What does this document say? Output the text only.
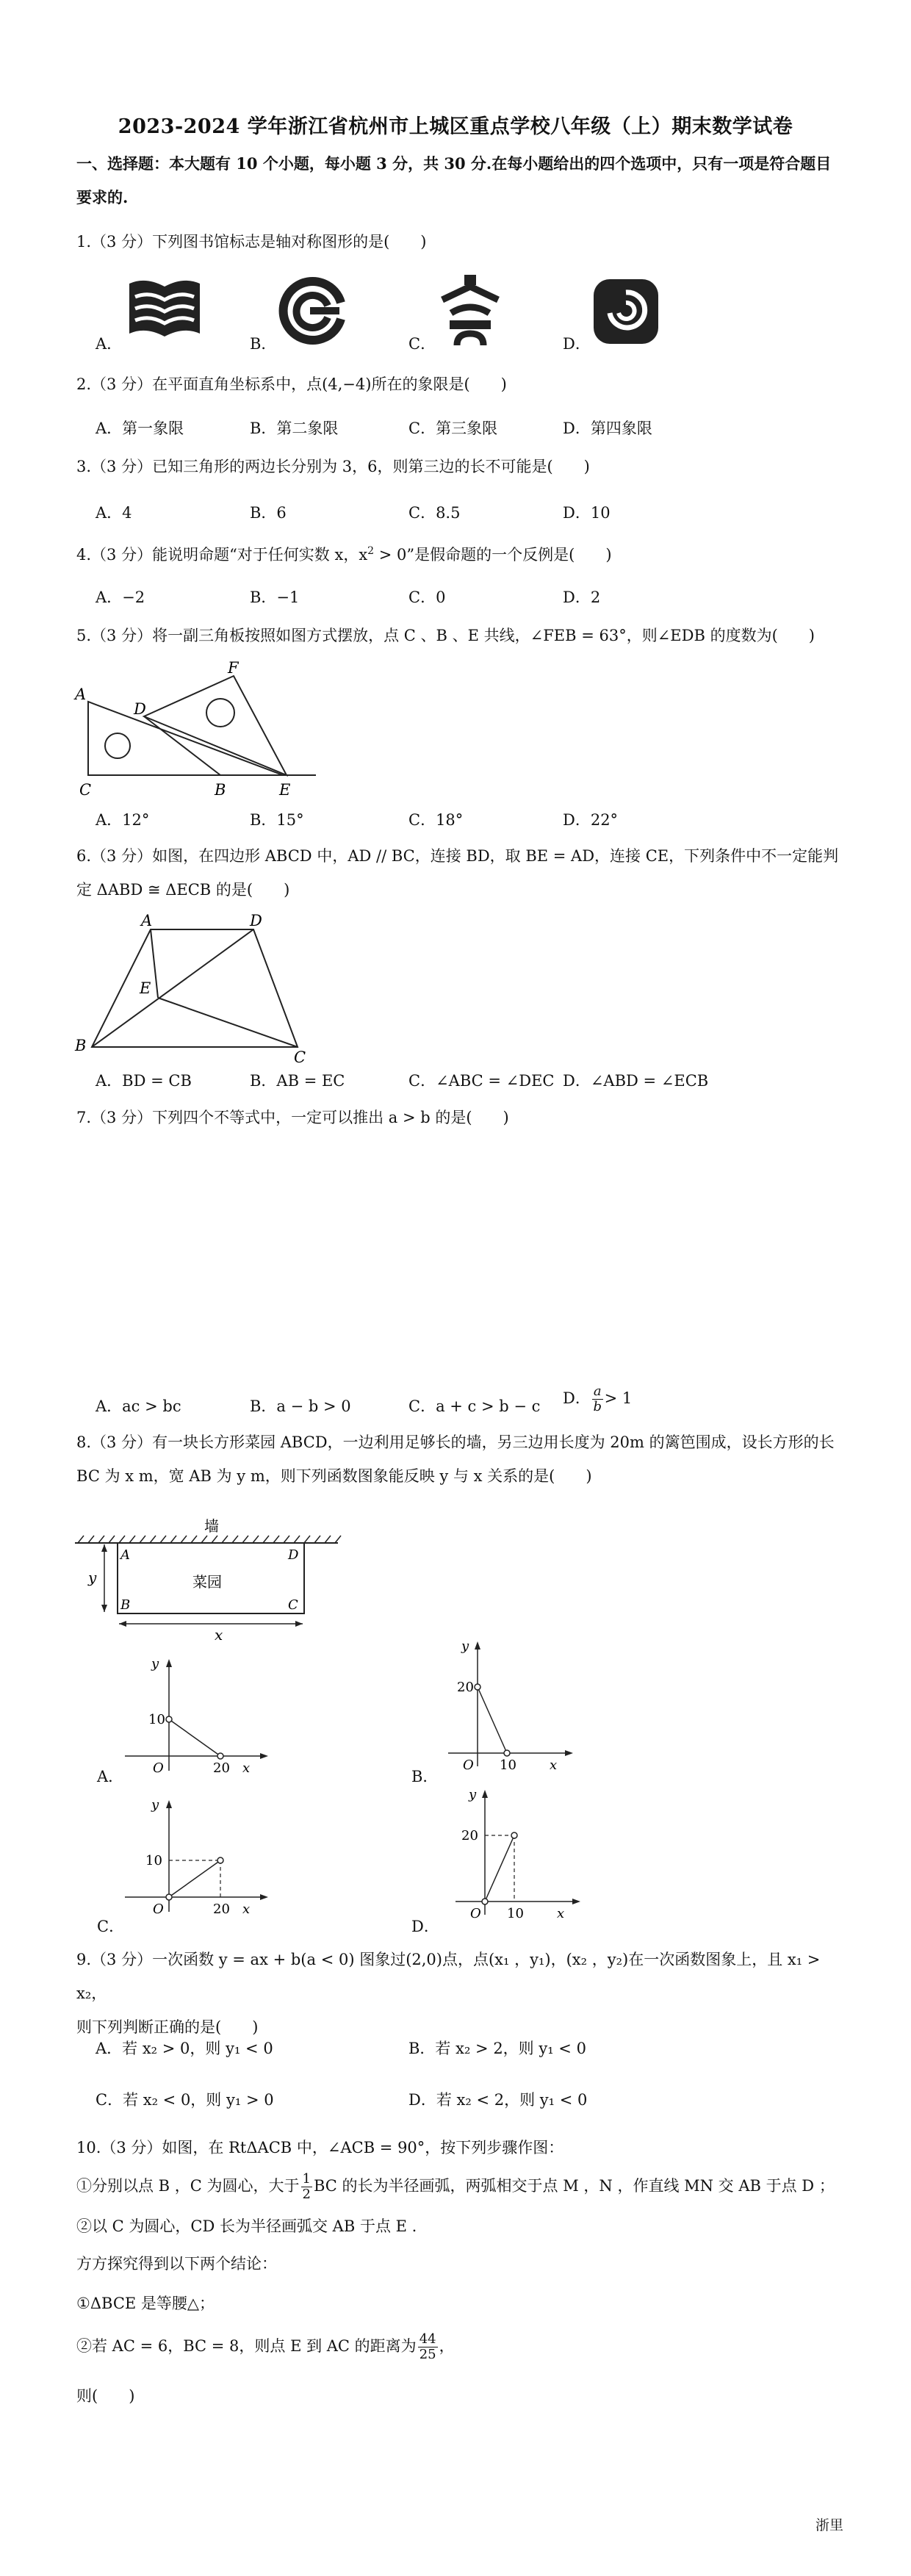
2023-2024 学年浙江省杭州市上城区重点学校八年级（上）期末数学试卷
一、选择题：本大题有 10 个小题，每小题 3 分，共 30 分.在每小题给出的四个选项中，只有一项是符合题目
要求的.
1.（3 分）下列图书馆标志是轴对称图形的是(　　)
A．	B．	C．	D．
2.（3 分）在平面直角坐标系中，点(4,−4)所在的象限是(　　)
A．第一象限	B．第二象限	C．第三象限	D．第四象限
3.（3 分）已知三角形的两边长分别为 3，6，则第三边的长不可能是(　　)
A．4	B．6	C．8.5	D．10
4.（3 分）能说明命题“对于任何实数 x，$x^2 > 0$”是假命题的一个反例是(　　)
A．−2	B．−1	C．0	D．2
5.（3 分）将一副三角板按照如图方式摆放，点 C 、B 、E 共线，∠FEB = 63°，则∠EDB 的度数为(　　)
A
C
D
F
B	E
A．12°	B．15°	C．18°	D．22°
6.（3 分）如图，在四边形 ABCD 中，AD // BC，连接 BD，取 BE = AD，连接 CE，下列条件中不一定能判
定 ΔABD ≅ ΔECB 的是(　　)
A	D
E
B
C
A．BD = CB	B．AB = EC	C．∠ABC = ∠DEC D．∠ABD = ∠ECB
7.（3 分）下列四个不等式中，一定可以推出 a > b 的是(　　)
A．ac > bc	B．a − b > 0	C．a + c > b − c D． $\frac{a}{b} > 1$
8.（3 分）有一块长方形菜园 ABCD，一边利用足够长的墙，另三边用长度为 20m 的篱笆围成，设长方形的长
BC 为 x m，宽 AB 为 y m，则下列函数图象能反映 y 与 x 关系的是(　　)
墙
菜园
A
B	C
D
y
x
10
20
O	x
y
A．
20
10
O	x
y
B．
10
20
O	x
y
C．
20
10
O	x
y
D．
9.（3 分）一次函数 y = ax + b(a < 0) 图象过(2,0)点，点(x₁ ，y₁)，(x₂ ，y₂)在一次函数图象上，且 x₁ > x₂，
则下列判断正确的是(　　)
A．若 x₂ > 0，则 y₁ < 0	B．若 x₂ > 2，则 y₁ < 0
C．若 x₂ < 0，则 y₁ > 0	D．若 x₂ < 2，则 y₁ < 0
10.（3 分）如图，在 RtΔACB 中，∠ACB = 90°，按下列步骤作图：
①分别以点 B ，C 为圆心，大于 $\frac{1}{2}$ BC 的长为半径画弧，两弧相交于点 M ，N ，作直线 MN 交 AB 于点 D ；
②以 C 为圆心，CD 长为半径画弧交 AB 于点 E .
方方探究得到以下两个结论：
①ΔBCE 是等腰△；
②若 AC = 6，BC = 8，则点 E 到 AC 的距离为 $\frac{44}{25}$ ，
则(　　)
浙里
